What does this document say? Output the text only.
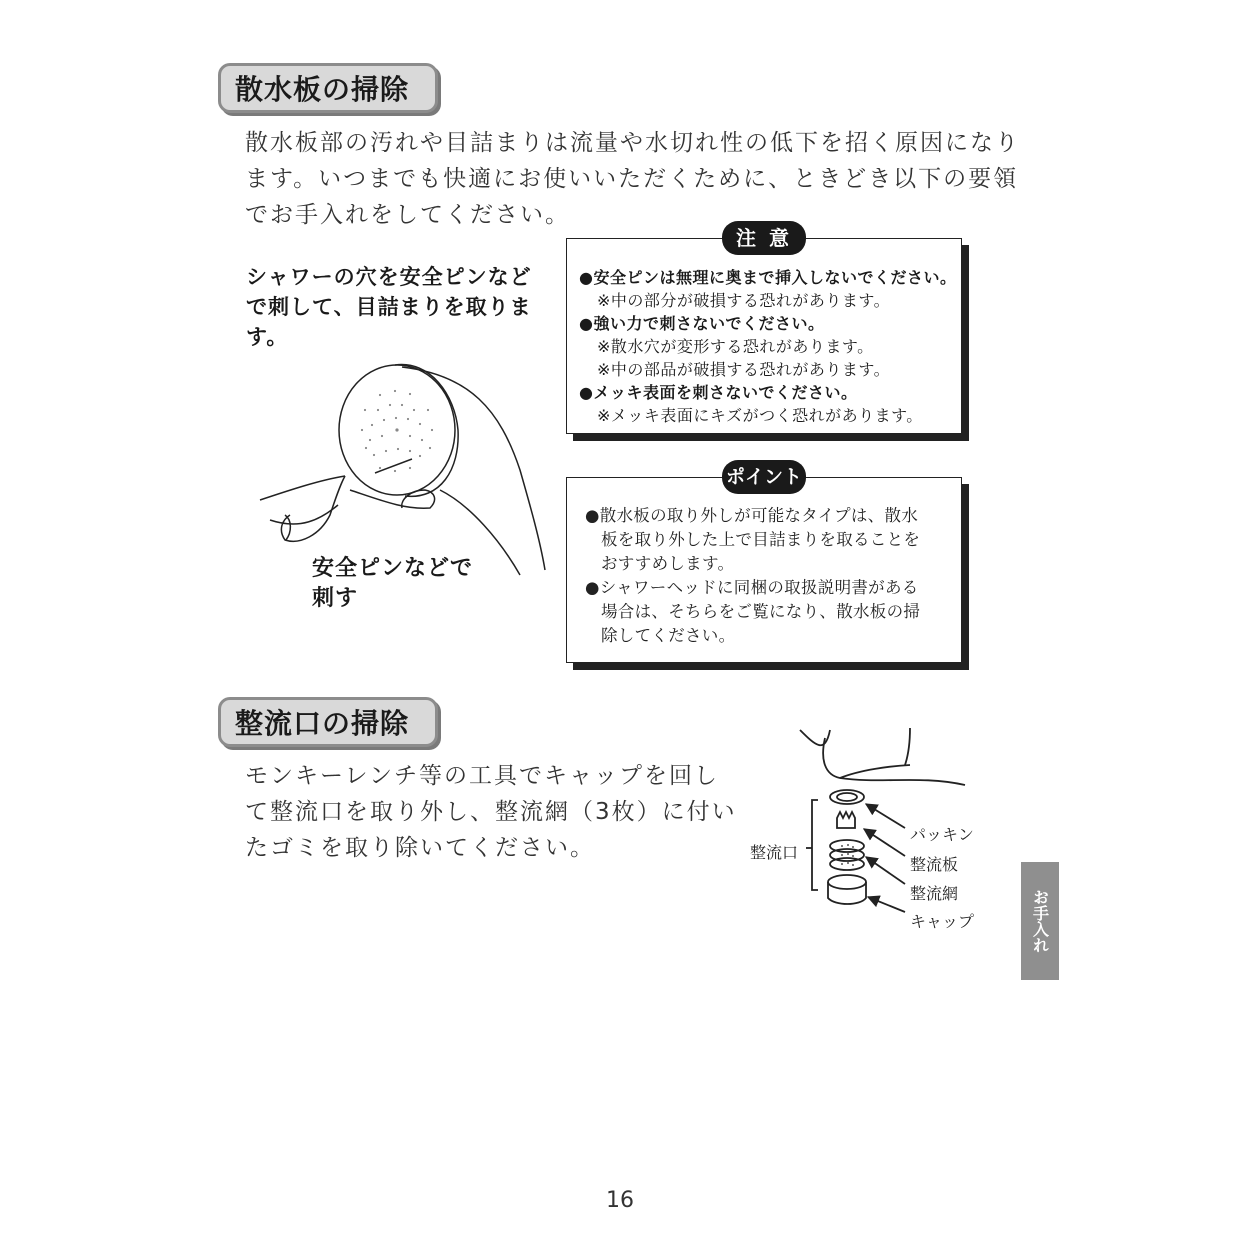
散水板の掃除
散水板部の汚れや目詰まりは流量や水切れ性の低下を招く原因になり
ます。いつまでも快適にお使いいただくために、ときどき以下の要領
でお手入れをしてください。
シャワーの穴を安全ピンなど
で刺して、目詰まりを取りま
す。
安全ピンなどで
刺す
注 意
●安全ピンは無理に奥まで挿入しないでください。
※中の部分が破損する恐れがあります。
●強い力で刺さないでください。
※散水穴が変形する恐れがあります。
※中の部品が破損する恐れがあります。
●メッキ表面を刺さないでください。
※メッキ表面にキズがつく恐れがあります。
ポイント
●散水板の取り外しが可能なタイプは、散水
板を取り外した上で目詰まりを取ることを
おすすめします。
●シャワーヘッドに同梱の取扱説明書がある
場合は、そちらをご覧になり、散水板の掃
除してください。
整流口の掃除
モンキーレンチ等の工具でキャップを回し
て整流口を取り外し、整流網（3枚）に付い
たゴミを取り除いてください。	整流口
パッキン
整流板
整流網
キャップ	お手入れ
16
